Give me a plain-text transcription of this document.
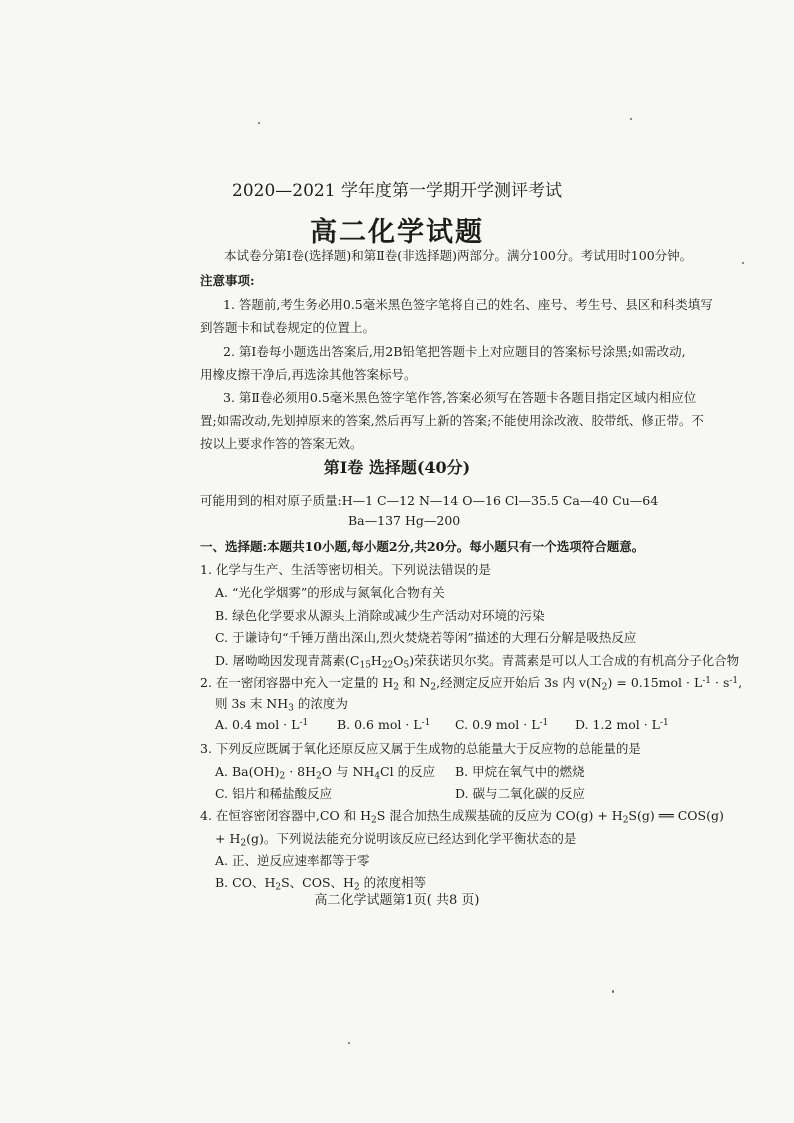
2020—2021 学年度第一学期开学测评考试
高二化学试题
本试卷分第Ⅰ卷(选择题)和第Ⅱ卷(非选择题)两部分。满分100分。考试用时100分钟。
注意事项:
1. 答题前,考生务必用0.5毫米黑色签字笔将自己的姓名、座号、考生号、县区和科类填写
到答题卡和试卷规定的位置上。
2. 第Ⅰ卷每小题选出答案后,用2B铅笔把答题卡上对应题目的答案标号涂黑;如需改动,
用橡皮擦干净后,再选涂其他答案标号。
3. 第Ⅱ卷必须用0.5毫米黑色签字笔作答,答案必须写在答题卡各题目指定区域内相应位
置;如需改动,先划掉原来的答案,然后再写上新的答案;不能使用涂改液、胶带纸、修正带。不
按以上要求作答的答案无效。
第Ⅰ卷 选择题(40分)
可能用到的相对原子质量:H—1 C—12 N—14 O—16 Cl—35.5 Ca—40 Cu—64
Ba—137 Hg—200
一、选择题:本题共10小题,每小题2分,共20分。每小题只有一个选项符合题意。
1. 化学与生产、生活等密切相关。下列说法错误的是
A. “光化学烟雾”的形成与氮氧化合物有关
B. 绿色化学要求从源头上消除或减少生产活动对环境的污染
C. 于谦诗句“千锤万凿出深山,烈火焚烧若等闲”描述的大理石分解是吸热反应
D. 屠呦呦因发现青蒿素$(C_{15}H_{22}O_5)$荣获诺贝尔奖。青蒿素是可以人工合成的有机高分子化合物
2. 在一密闭容器中充入一定量的 $H_2$ 和 $N_2$,经测定反应开始后 3s 内 $v(N_2) = 0.15mol \cdot L^{-1} \cdot s^{-1}$,
则 3s 末 $NH_3$ 的浓度为
A. 0.4 mol · $L^{-1}$ B. 0.6 mol · $L^{-1}$ C. 0.9 mol · $L^{-1}$ D. 1.2 mol · $L^{-1}$
3. 下列反应既属于氧化还原反应又属于生成物的总能量大于反应物的总能量的是
A. $Ba(OH)_2 \cdot 8H_2O$ 与 $NH_4Cl$ 的反应 B. 甲烷在氧气中的燃烧
C. 铝片和稀盐酸反应	D. 碳与二氧化碳的反应
4. 在恒容密闭容器中,CO 和 $H_2S$ 混合加热生成羰基硫的反应为 $CO(g) + H_2S(g)$ ══ COS(g)
+ $H_2(g)$。下列说法能充分说明该反应已经达到化学平衡状态的是
A. 正、逆反应速率都等于零
B. CO、$H_2S$、COS、$H_2$ 的浓度相等
高二化学试题第1页( 共8 页)
